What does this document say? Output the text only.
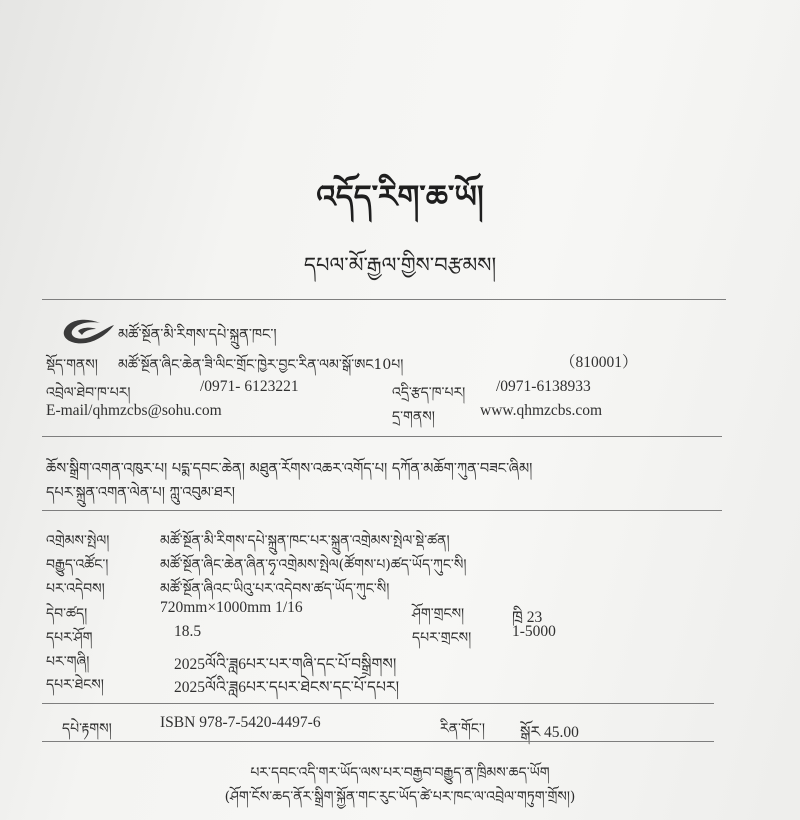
འདོད་རིག་ཆ་ཡོ།
དཔལ་མོ་རྒྱལ་གྱིས་བརྩམས།
མཚོ་སྔོན་མི་རིགས་དཔེ་སྐྲུན་ཁང་།
སྡོད་གནས། མཚོ་སྔོན་ཞིང་ཆེན་ཟི་ལིང་གྲོང་ཁྱེར་བྱང་རིན་ལམ་སྒོ་ཨང10པ།	（810001）
འབྲེལ་ཐེབ་ཁ་པར།	/0971- 6123221	འདྲི་རྩད་ཁ་པར། /0971-6138933
E-mail/qhmzcbs@sohu.com	དྲ་གནས།	www.qhmzcbs.com
ཆོས་སྒྲིག་འགན་འཁུར་པ། པདྨ་དབང་ཆེན། མཐུན་རོགས་འཆར་འགོད་པ། དཀོན་མཆོག་ཀུན་བཟང་ཞིམ།
དཔར་སྐྲུན་འགན་ལེན་པ། ཀླུ་འབུམ་ཐར།
འགྲེམས་སྤེལ།	མཚོ་སྔོན་མི་རིགས་དཔེ་སྐྲུན་ཁང་པར་སྐྲུན་འགྲེམས་སྤེལ་སྡེ་ཚན།
བརྒྱུད་འཚོང་།	མཚོ་སྔོན་ཞིང་ཆེན་ཞིན་ཧྭ་འགྲེམས་སྤེལ(ཚོགས་པ)ཚད་ཡོད་ཀུང་སི།
པར་འདེབས།	མཚོ་སྔོན་ཞིའང་ཡིའུ་པར་འདེབས་ཚད་ཡོད་ཀུང་སི།
དེབ་ཚད།	720mm×1000mm 1/16	ཤོག་གྲངས།	ཁྲི 23
དཔར་ཤོག	18.5	དཔར་གྲངས།	1-5000
པར་གཞི།	2025ལོའི་ཟླ6པར་པར་གཞི་དང་པོ་བསྒྲིགས།
དཔར་ཐེངས།	2025ལོའི་ཟླ6པར་དཔར་ཐེངས་དང་པོ་དཔར།
དཔེ་རྟགས།	ISBN 978-7-5420-4497-6	རིན་གོང་། སྒོར 45.00
པར་དབང་འདི་གར་ཡོད་ལས་པར་བརྒྱབ་བརྒྱུད་ན་ཁྲིམས་ཆད་ཡོག
(ཤོག་ངོས་ཆད་ནོར་སྒྲིག་སྐྱོན་གང་རུང་ཡོད་ཚེ་པར་ཁང་ལ་འབྲེལ་གཏུག་གྲོས།)
